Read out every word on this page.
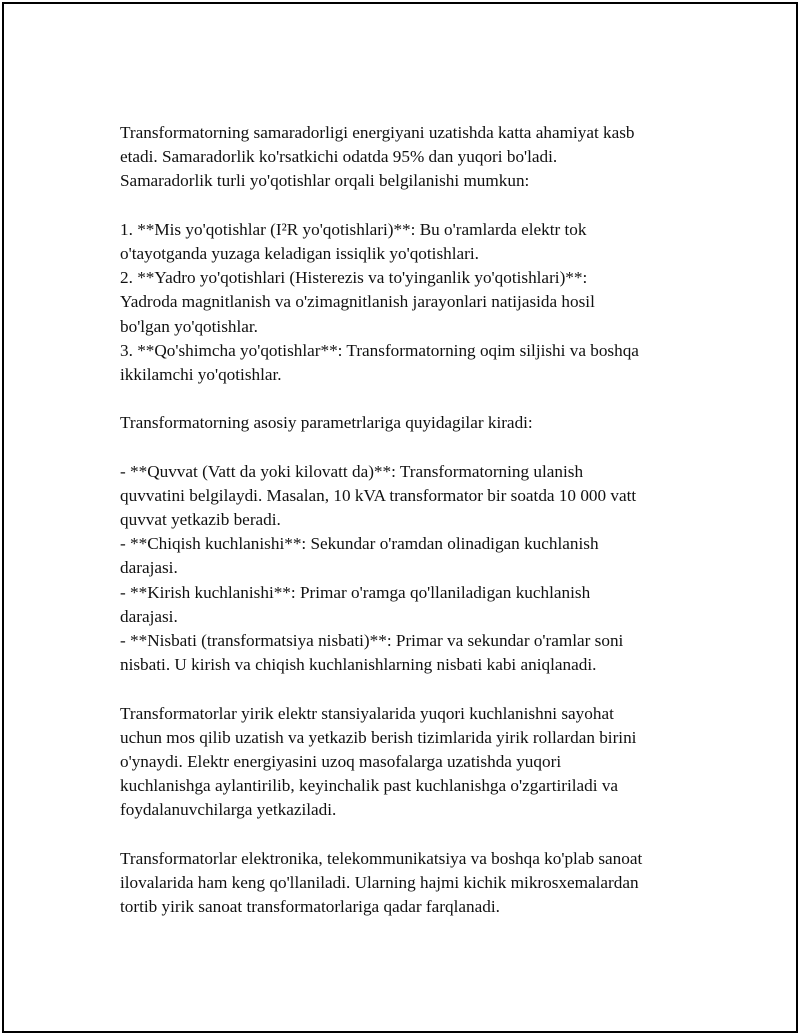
Transformatorning samaradorligi energiyani uzatishda katta ahamiyat kasb
etadi. Samaradorlik ko'rsatkichi odatda 95% dan yuqori bo'ladi.
Samaradorlik turli yo'qotishlar orqali belgilanishi mumkun:
1. **Mis yo'qotishlar (I²R yo'qotishlari)**: Bu o'ramlarda elektr tok
o'tayotganda yuzaga keladigan issiqlik yo'qotishlari.
2. **Yadro yo'qotishlari (Histerezis va to'yinganlik yo'qotishlari)**:
Yadroda magnitlanish va o'zimagnitlanish jarayonlari natijasida hosil
bo'lgan yo'qotishlar.
3. **Qo'shimcha yo'qotishlar**: Transformatorning oqim siljishi va boshqa
ikkilamchi yo'qotishlar.
Transformatorning asosiy parametrlariga quyidagilar kiradi:
- **Quvvat (Vatt da yoki kilovatt da)**: Transformatorning ulanish
quvvatini belgilaydi. Masalan, 10 kVA transformator bir soatda 10 000 vatt
quvvat yetkazib beradi.
- **Chiqish kuchlanishi**: Sekundar o'ramdan olinadigan kuchlanish
darajasi.
- **Kirish kuchlanishi**: Primar o'ramga qo'llaniladigan kuchlanish
darajasi.
- **Nisbati (transformatsiya nisbati)**: Primar va sekundar o'ramlar soni
nisbati. U kirish va chiqish kuchlanishlarning nisbati kabi aniqlanadi.
Transformatorlar yirik elektr stansiyalarida yuqori kuchlanishni sayohat
uchun mos qilib uzatish va yetkazib berish tizimlarida yirik rollardan birini
o'ynaydi. Elektr energiyasini uzoq masofalarga uzatishda yuqori
kuchlanishga aylantirilib, keyinchalik past kuchlanishga o'zgartiriladi va
foydalanuvchilarga yetkaziladi.
Transformatorlar elektronika, telekommunikatsiya va boshqa ko'plab sanoat
ilovalarida ham keng qo'llaniladi. Ularning hajmi kichik mikrosxemalardan
tortib yirik sanoat transformatorlariga qadar farqlanadi.
